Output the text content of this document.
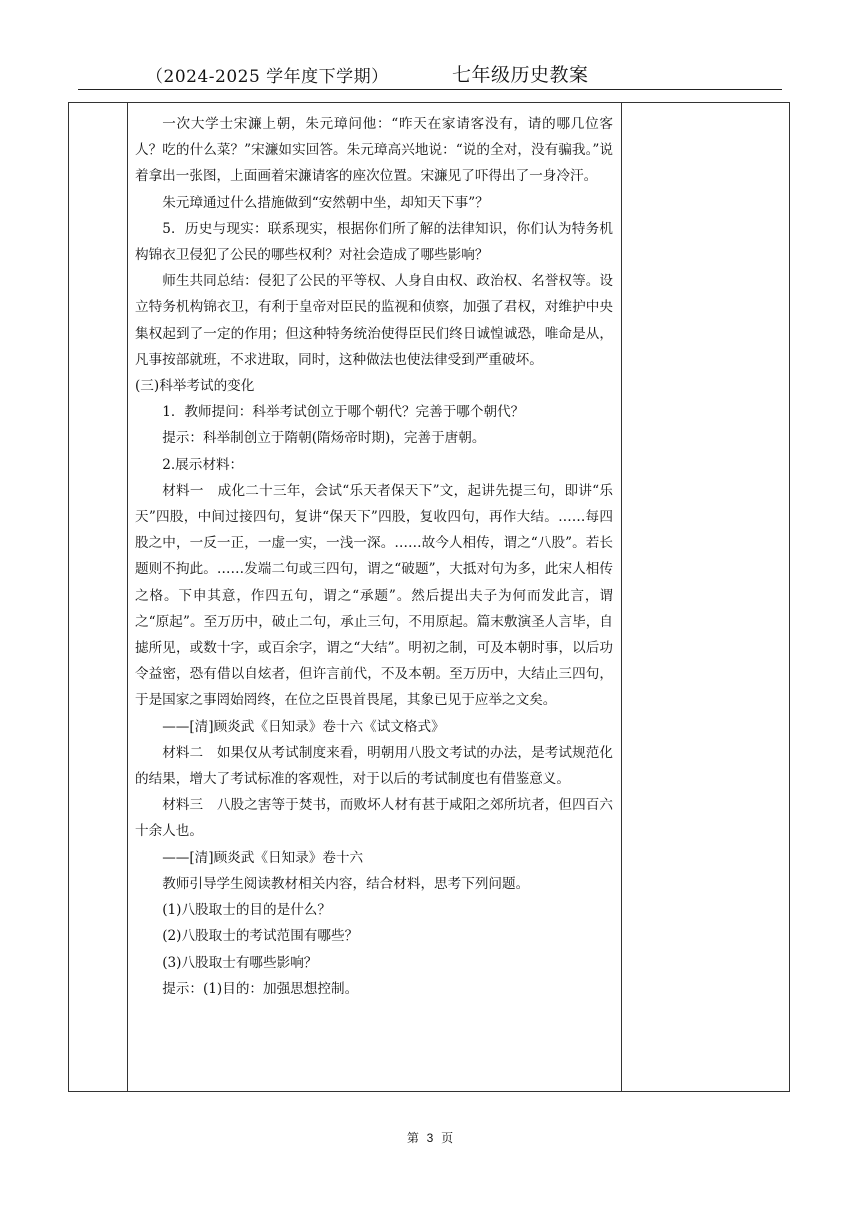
（2024-2025 学年度下学期）	七年级历史教案

一次大学士宋濂上朝，朱元璋问他：“昨天在家请客没有，请的哪几位客人？吃的什么菜？”宋濂如实回答。朱元璋高兴地说：“说的全对，没有骗我。”说着拿出一张图，上面画着宋濂请客的座次位置。宋濂见了吓得出了一身冷汗。

朱元璋通过什么措施做到“安然朝中坐，却知天下事”？

5．历史与现实：联系现实，根据你们所了解的法律知识，你们认为特务机构锦衣卫侵犯了公民的哪些权利？对社会造成了哪些影响？

师生共同总结：侵犯了公民的平等权、人身自由权、政治权、名誉权等。设立特务机构锦衣卫，有利于皇帝对臣民的监视和侦察，加强了君权，对维护中央集权起到了一定的作用；但这种特务统治使得臣民们终日诚惶诚恐，唯命是从，凡事按部就班，不求进取，同时，这种做法也使法律受到严重破坏。

(三)科举考试的变化

1．教师提问：科举考试创立于哪个朝代？完善于哪个朝代？

提示：科举制创立于隋朝(隋炀帝时期)，完善于唐朝。

2.展示材料：

材料一　成化二十三年，会试“乐天者保天下”文，起讲先提三句，即讲“乐天”四股，中间过接四句，复讲“保天下”四股，复收四句，再作大结。……每四股之中，一反一正，一虚一实，一浅一深。……故今人相传，谓之“八股”。若长题则不拘此。……发端二句或三四句，谓之“破题”，大抵对句为多，此宋人相传之格。下申其意，作四五句，谓之“承题”。然后提出夫子为何而发此言，谓之“原起”。至万历中，破止二句，承止三句，不用原起。篇末敷演圣人言毕，自摅所见，或数十字，或百余字，谓之“大结”。明初之制，可及本朝时事，以后功令益密，恐有借以自炫者，但许言前代，不及本朝。至万历中，大结止三四句，于是国家之事罔始罔终，在位之臣畏首畏尾，其象已见于应举之文矣。

——[清]顾炎武《日知录》卷十六《试文格式》

材料二　如果仅从考试制度来看，明朝用八股文考试的办法，是考试规范化的结果，增大了考试标准的客观性，对于以后的考试制度也有借鉴意义。

材料三　八股之害等于焚书，而败坏人材有甚于咸阳之郊所坑者，但四百六十余人也。

——[清]顾炎武《日知录》卷十六

教师引导学生阅读教材相关内容，结合材料，思考下列问题。

(1)八股取士的目的是什么？

(2)八股取士的考试范围有哪些？

(3)八股取士有哪些影响？

提示：(1)目的：加强思想控制。

第 3 页
